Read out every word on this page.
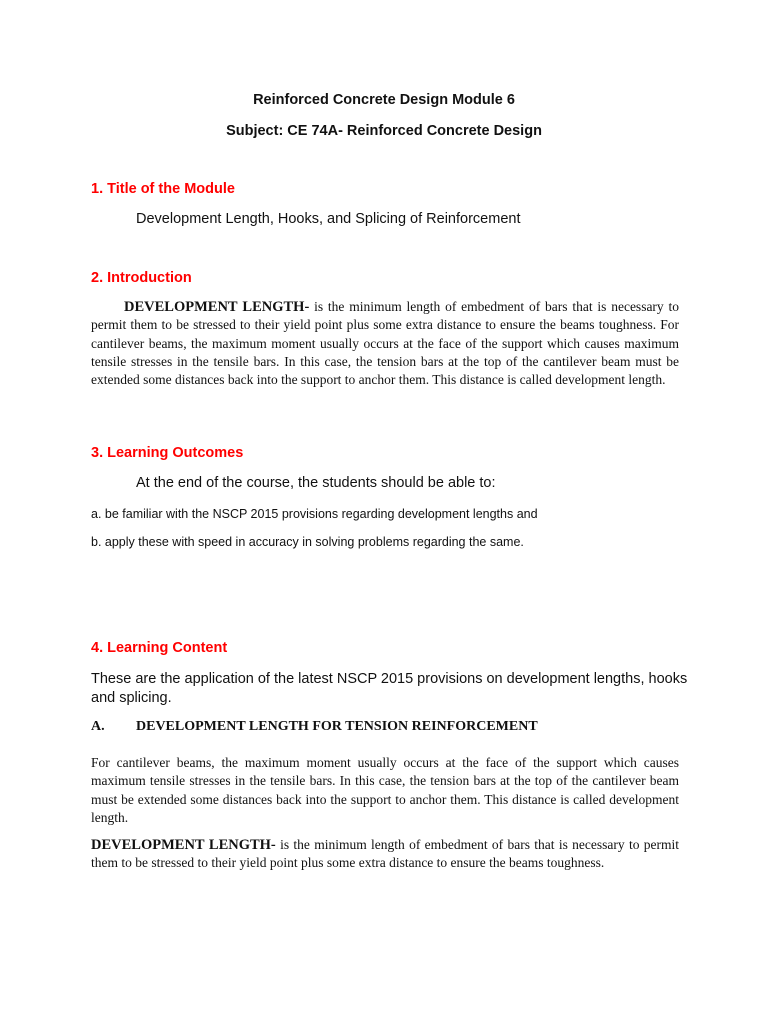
Reinforced Concrete Design Module 6
Subject: CE 74A- Reinforced Concrete Design
1. Title of the Module
Development Length, Hooks, and Splicing of Reinforcement
2. Introduction
DEVELOPMENT LENGTH- is the minimum length of embedment of bars that is necessary to permit them to be stressed to their yield point plus some extra distance to ensure the beams toughness. For cantilever beams, the maximum moment usually occurs at the face of the support which causes maximum tensile stresses in the tensile bars. In this case, the tension bars at the top of the cantilever beam must be extended some distances back into the support to anchor them. This distance is called development length.
3. Learning Outcomes
At the end of the course, the students should be able to:
a. be familiar with the NSCP 2015 provisions regarding development lengths and
b. apply these with speed in accuracy in solving problems regarding the same.
4. Learning Content
These are the application of the latest NSCP 2015 provisions on development lengths, hooks and splicing.
A. DEVELOPMENT LENGTH FOR TENSION REINFORCEMENT
For cantilever beams, the maximum moment usually occurs at the face of the support which causes maximum tensile stresses in the tensile bars. In this case, the tension bars at the top of the cantilever beam must be extended some distances back into the support to anchor them. This distance is called development length.
DEVELOPMENT LENGTH- is the minimum length of embedment of bars that is necessary to permit them to be stressed to their yield point plus some extra distance to ensure the beams toughness.
